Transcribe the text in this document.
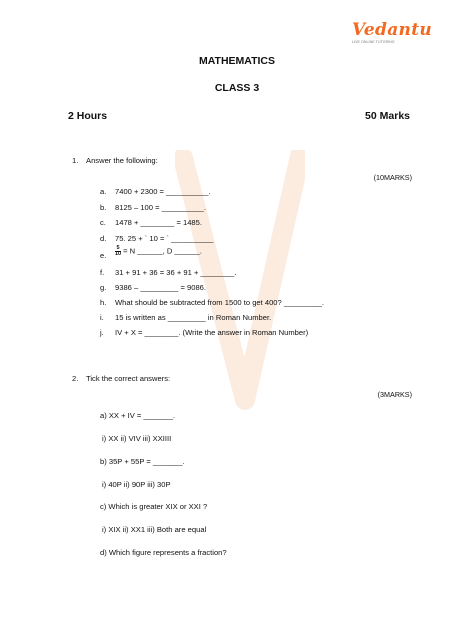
Vedantu
LIVE ONLINE TUTORING
MATHEMATICS
CLASS 3
2 Hours	50 Marks
1. Answer the following:
(10MARKS)
a. 7400 + 2300 = __________.
b. 8125 – 100 = __________.
c. 1478 + ________ = 1485.
d. 75. 25 + ` 10 = ` __________
e. $\frac{5}{10} = N$ ______, D ______.
f. 31 + 91 + 36 = 36 + 91 + ________.
g. 9386 – _________ = 9086.
h. What should be subtracted from 1500 to get 400? _________.
i. 15 is written as _________ in Roman Number.
j. IV + X = ________. (Write the answer in Roman Number)
2. Tick the correct answers:
(3MARKS)
a) XX + IV = _______.
i) XX ii) VIV iii) XXIIII
b) 35P + 55P = _______.
i) 40P ii) 90P iii) 30P
c) Which is greater XIX or XXI ?
i) XIX ii) XX1 iii) Both are equal
d) Which figure represents a fraction?
